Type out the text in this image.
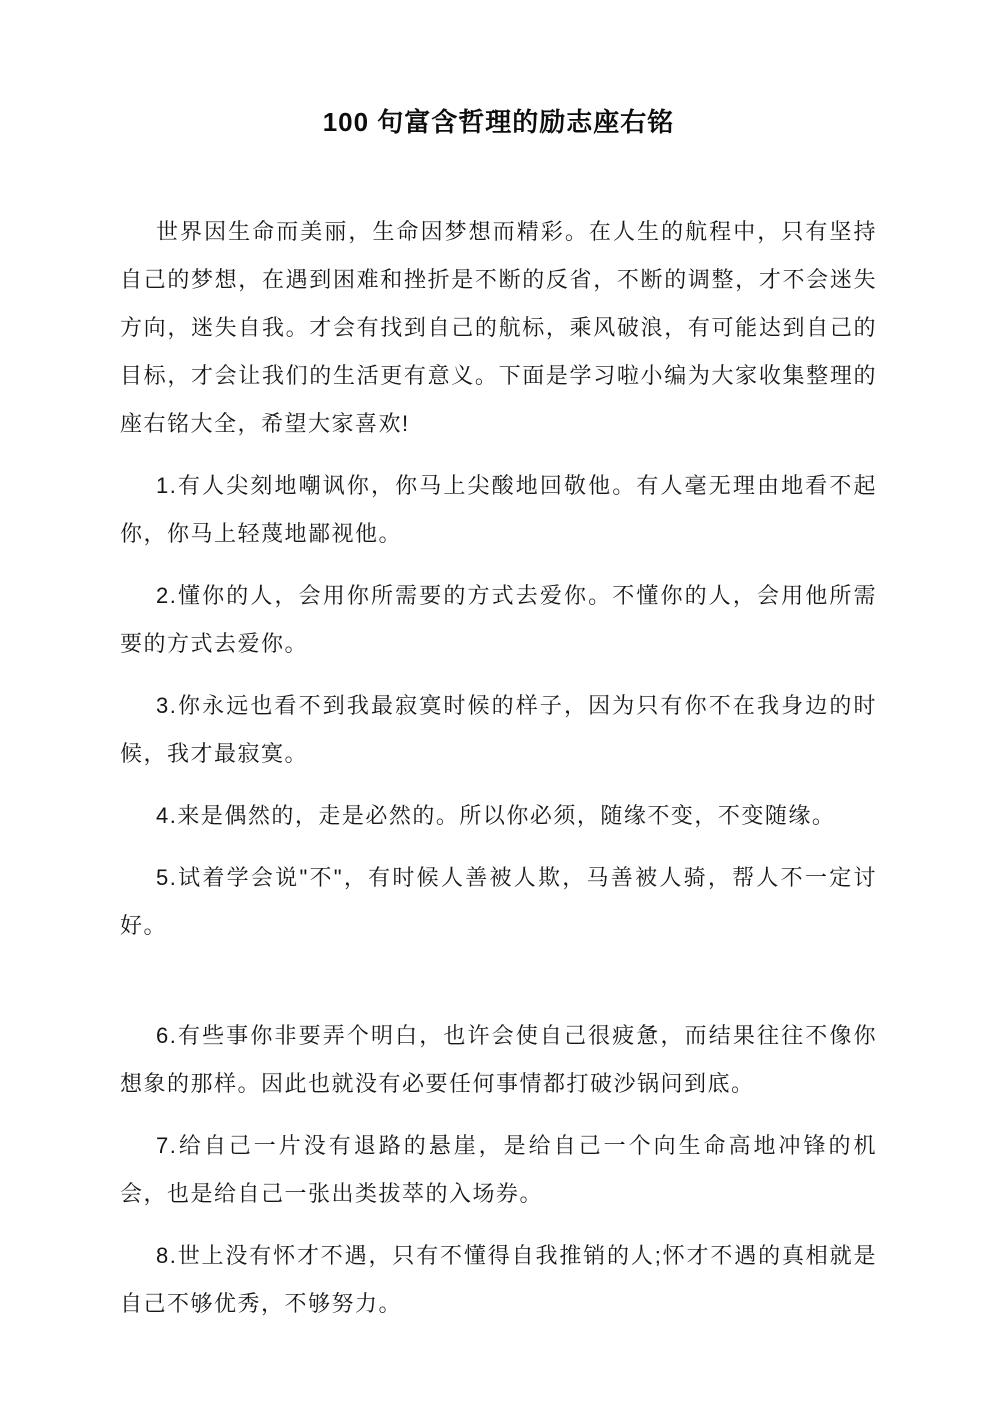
100 句富含哲理的励志座右铭

世界因生命而美丽，生命因梦想而精彩。在人生的航程中，只有坚持自己的梦想，在遇到困难和挫折是不断的反省，不断的调整，才不会迷失方向，迷失自我。才会有找到自己的航标，乘风破浪，有可能达到自己的目标，才会让我们的生活更有意义。下面是学习啦小编为大家收集整理的座右铭大全，希望大家喜欢!

1.有人尖刻地嘲讽你，你马上尖酸地回敬他。有人毫无理由地看不起你，你马上轻蔑地鄙视他。

2.懂你的人，会用你所需要的方式去爱你。不懂你的人，会用他所需要的方式去爱你。

3.你永远也看不到我最寂寞时候的样子，因为只有你不在我身边的时候，我才最寂寞。

4.来是偶然的，走是必然的。所以你必须，随缘不变，不变随缘。

5.试着学会说"不"，有时候人善被人欺，马善被人骑，帮人不一定讨好。

6.有些事你非要弄个明白，也许会使自己很疲惫，而结果往往不像你想象的那样。因此也就没有必要任何事情都打破沙锅问到底。

7.给自己一片没有退路的悬崖，是给自己一个向生命高地冲锋的机会，也是给自己一张出类拔萃的入场券。

8.世上没有怀才不遇，只有不懂得自我推销的人;怀才不遇的真相就是自己不够优秀，不够努力。
